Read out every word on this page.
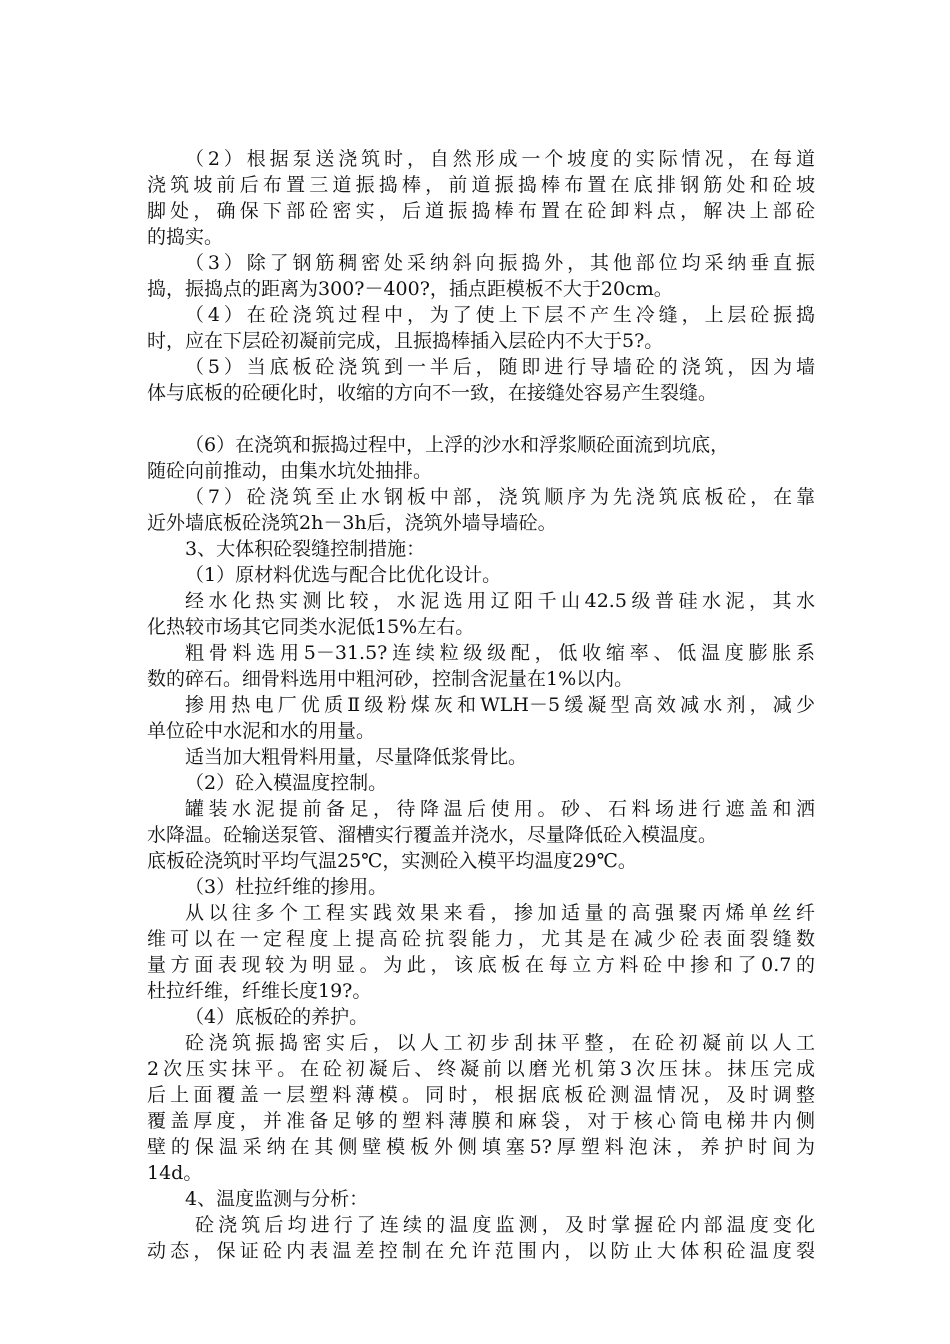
（2）根据泵送浇筑时，自然形成一个坡度的实际情况，在每道
浇筑坡前后布置三道振捣棒，前道振捣棒布置在底排钢筋处和砼坡
脚处，确保下部砼密实，后道振捣棒布置在砼卸料点，解决上部砼
的捣实。
（3）除了钢筋稠密处采纳斜向振捣外，其他部位均采纳垂直振
捣，振捣点的距离为300?－400?，插点距模板不大于20cm。
（4）在砼浇筑过程中，为了使上下层不产生冷缝，上层砼振捣
时，应在下层砼初凝前完成，且振捣棒插入层砼内不大于5?。
（5）当底板砼浇筑到一半后，随即进行导墙砼的浇筑，因为墙
体与底板的砼硬化时，收缩的方向不一致，在接缝处容易产生裂缝。
（6）在浇筑和振捣过程中，上浮的沙水和浮浆顺砼面流到坑底，
随砼向前推动，由集水坑处抽排。
（7）砼浇筑至止水钢板中部，浇筑顺序为先浇筑底板砼，在靠
近外墙底板砼浇筑2h－3h后，浇筑外墙导墙砼。
3、大体积砼裂缝控制措施：
（1）原材料优选与配合比优化设计。
经水化热实测比较，水泥选用辽阳千山42.5级普硅水泥，其水
化热较市场其它同类水泥低15%左右。
粗骨料选用5－31.5?连续粒级级配，低收缩率、低温度膨胀系
数的碎石。细骨料选用中粗河砂，控制含泥量在1%以内。
掺用热电厂优质Ⅱ级粉煤灰和WLH－5缓凝型高效减水剂，减少
单位砼中水泥和水的用量。
适当加大粗骨料用量，尽量降低浆骨比。
（2）砼入模温度控制。
罐装水泥提前备足，待降温后使用。砂、石料场进行遮盖和洒
水降温。砼输送泵管、溜槽实行覆盖并浇水，尽量降低砼入模温度。
底板砼浇筑时平均气温25℃，实测砼入模平均温度29℃。
（3）杜拉纤维的掺用。
从以往多个工程实践效果来看，掺加适量的高强聚丙烯单丝纤
维可以在一定程度上提高砼抗裂能力，尤其是在减少砼表面裂缝数
量方面表现较为明显。为此，该底板在每立方料砼中掺和了0.7的
杜拉纤维，纤维长度19?。
（4）底板砼的养护。
砼浇筑振捣密实后，以人工初步刮抹平整，在砼初凝前以人工
2次压实抹平。在砼初凝后、终凝前以磨光机第3次压抹。抹压完成
后上面覆盖一层塑料薄模。同时，根据底板砼测温情况，及时调整
覆盖厚度，并准备足够的塑料薄膜和麻袋，对于核心筒电梯井内侧
壁的保温采纳在其侧壁模板外侧填塞5?厚塑料泡沫，养护时间为
14d。
4、温度监测与分析：
砼浇筑后均进行了连续的温度监测，及时掌握砼内部温度变化
动态，保证砼内表温差控制在允许范围内，以防止大体积砼温度裂
